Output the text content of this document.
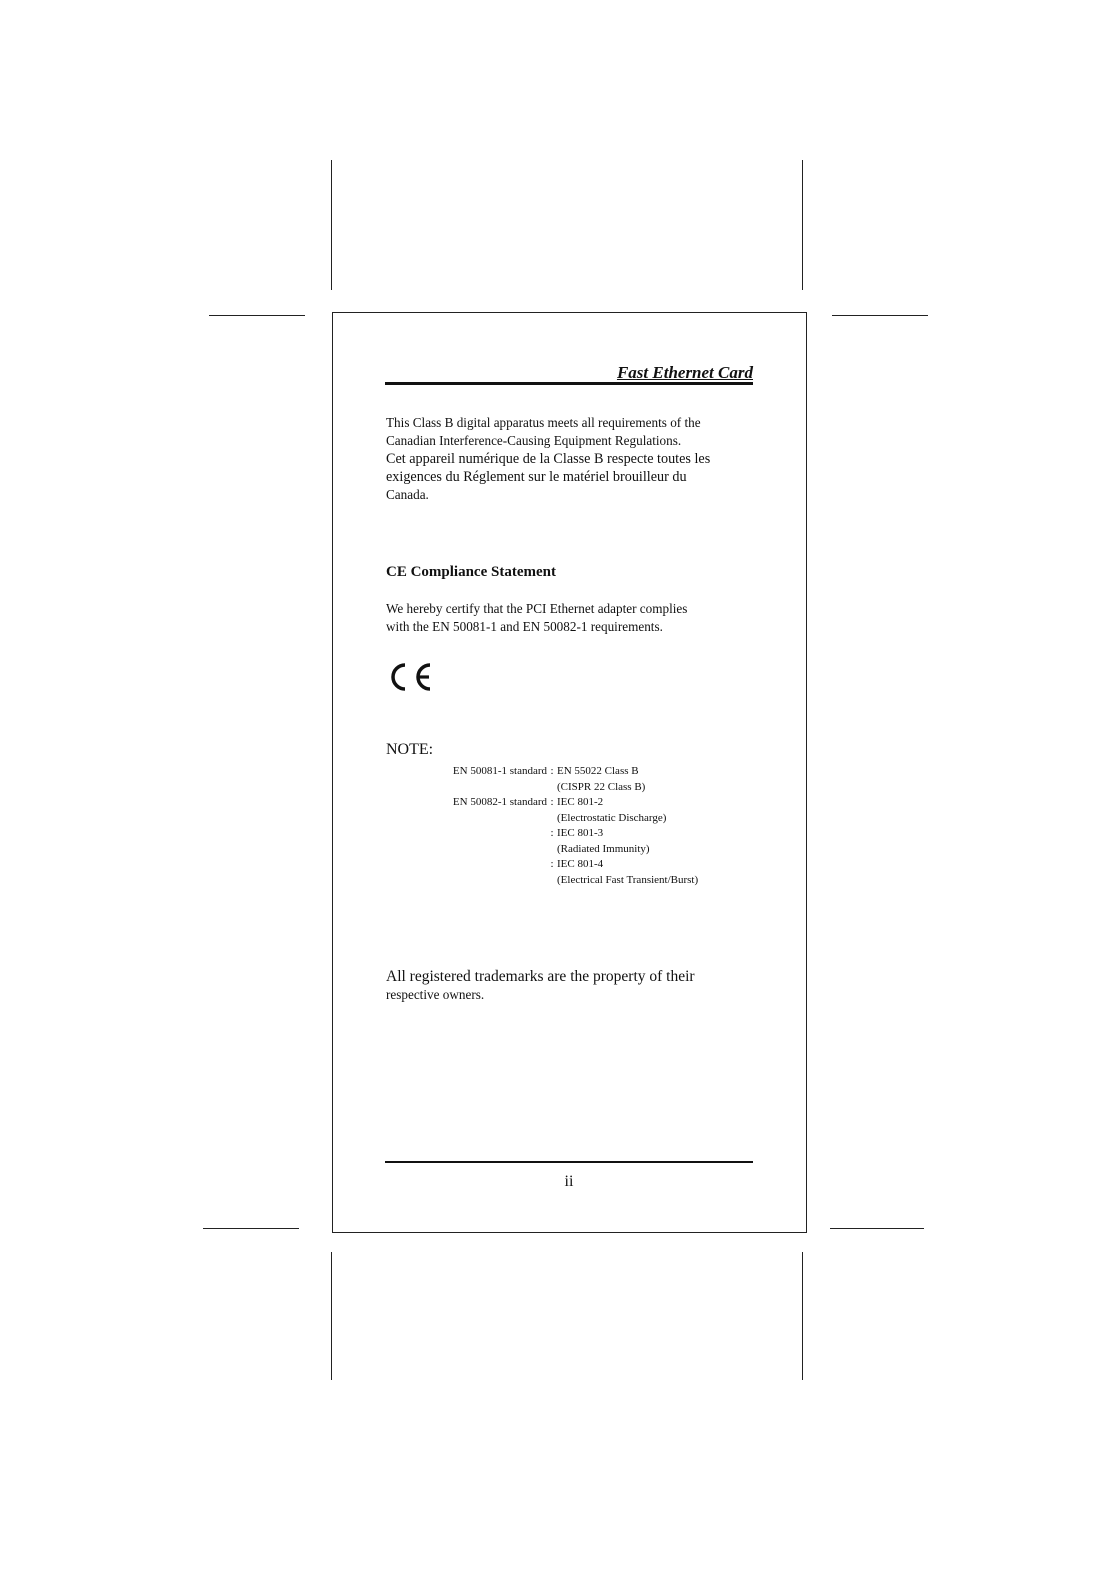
Fast Ethernet Card
This Class B digital apparatus meets all requirements of the
Canadian Interference-Causing Equipment Regulations.
Cet appareil numérique de la Classe B respecte toutes les
exigences du Réglement sur le matériel brouilleur du
Canada.
CE Compliance Statement
We hereby certify that the PCI Ethernet adapter complies
with the EN 50081-1 and EN 50082-1 requirements.
NOTE:
EN 50081-1 standard : EN 55022 Class B
(CISPR 22 Class B)
EN 50082-1 standard : IEC 801-2
(Electrostatic Discharge)
: IEC 801-3
(Radiated Immunity)
: IEC 801-4
(Electrical Fast Transient/Burst)
All registered trademarks are the property of their
respective owners.
ii
